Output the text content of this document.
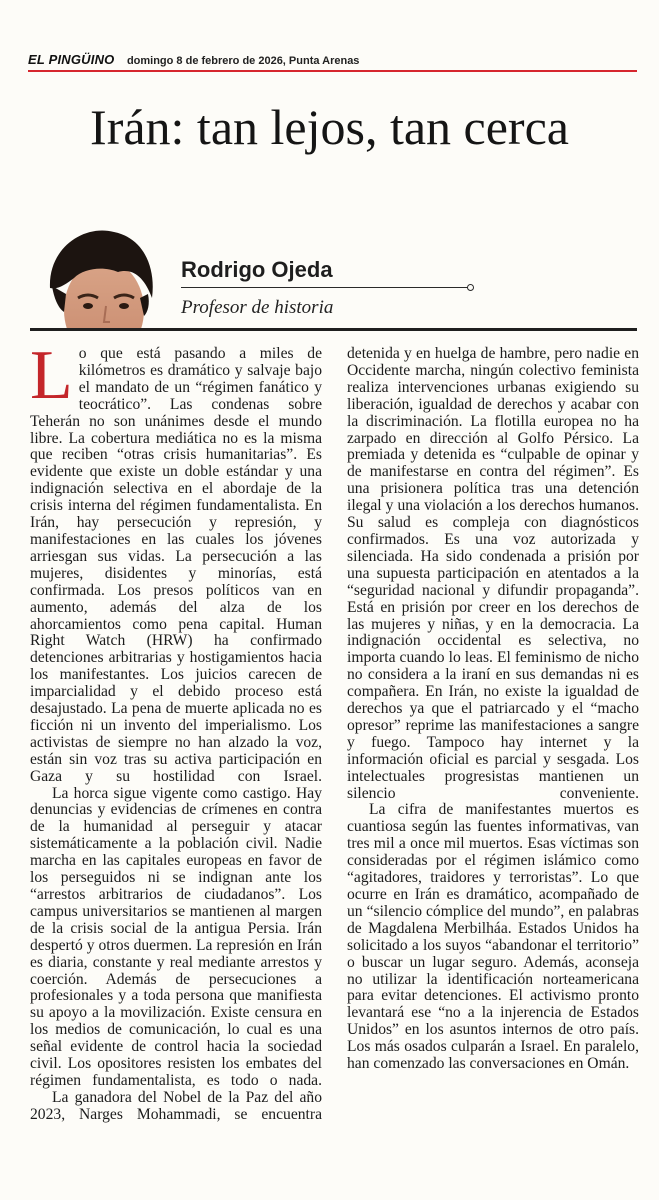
EL PINGÜINO domingo 8 de febrero de 2026, Punta Arenas
Irán: tan lejos, tan cerca
Rodrigo Ojeda
Profesor de historia

Lo que está pasando a miles de kilómetros es dramático y salvaje bajo el mandato de un “régimen fanático y teocrático”. Las condenas sobre Teherán no son unánimes desde el mundo libre. La cobertura mediática no es la misma que reciben “otras crisis humanitarias”. Es evidente que existe un doble estándar y una indignación selectiva en el abordaje de la crisis interna del régimen fundamentalista. En Irán, hay persecución y represión, y manifestaciones en las cuales los jóvenes arriesgan sus vidas. La persecución a las mujeres, disidentes y minorías, está confirmada. Los presos políticos van en aumento, además del alza de los ahorcamientos como pena capital. Human Right Watch (HRW) ha confirmado detenciones arbitrarias y hostigamientos hacia los manifestantes. Los juicios carecen de imparcialidad y el debido proceso está desajustado. La pena de muerte aplicada no es ficción ni un invento del imperialismo. Los activistas de siempre no han alzado la voz, están sin voz tras su activa participación en Gaza y su hostilidad con Israel.

La horca sigue vigente como castigo. Hay denuncias y evidencias de crímenes en contra de la humanidad al perseguir y atacar sistemáticamente a la población civil. Nadie marcha en las capitales europeas en favor de los perseguidos ni se indignan ante los “arrestos arbitrarios de ciudadanos”. Los campus universitarios se mantienen al margen de la crisis social de la antigua Persia. Irán despertó y otros duermen. La represión en Irán es diaria, constante y real mediante arrestos y coerción. Además de persecuciones a profesionales y a toda persona que manifiesta su apoyo a la movilización. Existe censura en los medios de comunicación, lo cual es una señal evidente de control hacia la sociedad civil. Los opositores resisten los embates del régimen fundamentalista, es todo o nada.

La ganadora del Nobel de la Paz del año 2023, Narges Mohammadi, se encuentra

detenida y en huelga de hambre, pero nadie en Occidente marcha, ningún colectivo feminista realiza intervenciones urbanas exigiendo su liberación, igualdad de derechos y acabar con la discriminación. La flotilla europea no ha zarpado en dirección al Golfo Pérsico. La premiada y detenida es “culpable de opinar y de manifestarse en contra del régimen”. Es una prisionera política tras una detención ilegal y una violación a los derechos humanos. Su salud es compleja con diagnósticos confirmados. Es una voz autorizada y silenciada. Ha sido condenada a prisión por una supuesta participación en atentados a la “seguridad nacional y difundir propaganda”. Está en prisión por creer en los derechos de las mujeres y niñas, y en la democracia. La indignación occidental es selectiva, no importa cuando lo leas. El feminismo de nicho no considera a la iraní en sus demandas ni es compañera. En Irán, no existe la igualdad de derechos ya que el patriarcado y el “macho opresor” reprime las manifestaciones a sangre y fuego. Tampoco hay internet y la información oficial es parcial y sesgada. Los intelectuales progresistas mantienen un silencio conveniente.

La cifra de manifestantes muertos es cuantiosa según las fuentes informativas, van tres mil a once mil muertos. Esas víctimas son consideradas por el régimen islámico como “agitadores, traidores y terroristas”. Lo que ocurre en Irán es dramático, acompañado de un “silencio cómplice del mundo”, en palabras de Magdalena Merbilháa. Estados Unidos ha solicitado a los suyos “abandonar el territorio” o buscar un lugar seguro. Además, aconseja no utilizar la identificación norteamericana para evitar detenciones. El activismo pronto levantará ese “no a la injerencia de Estados Unidos” en los asuntos internos de otro país. Los más osados culparán a Israel. En paralelo, han comenzado las conversaciones en Omán.
